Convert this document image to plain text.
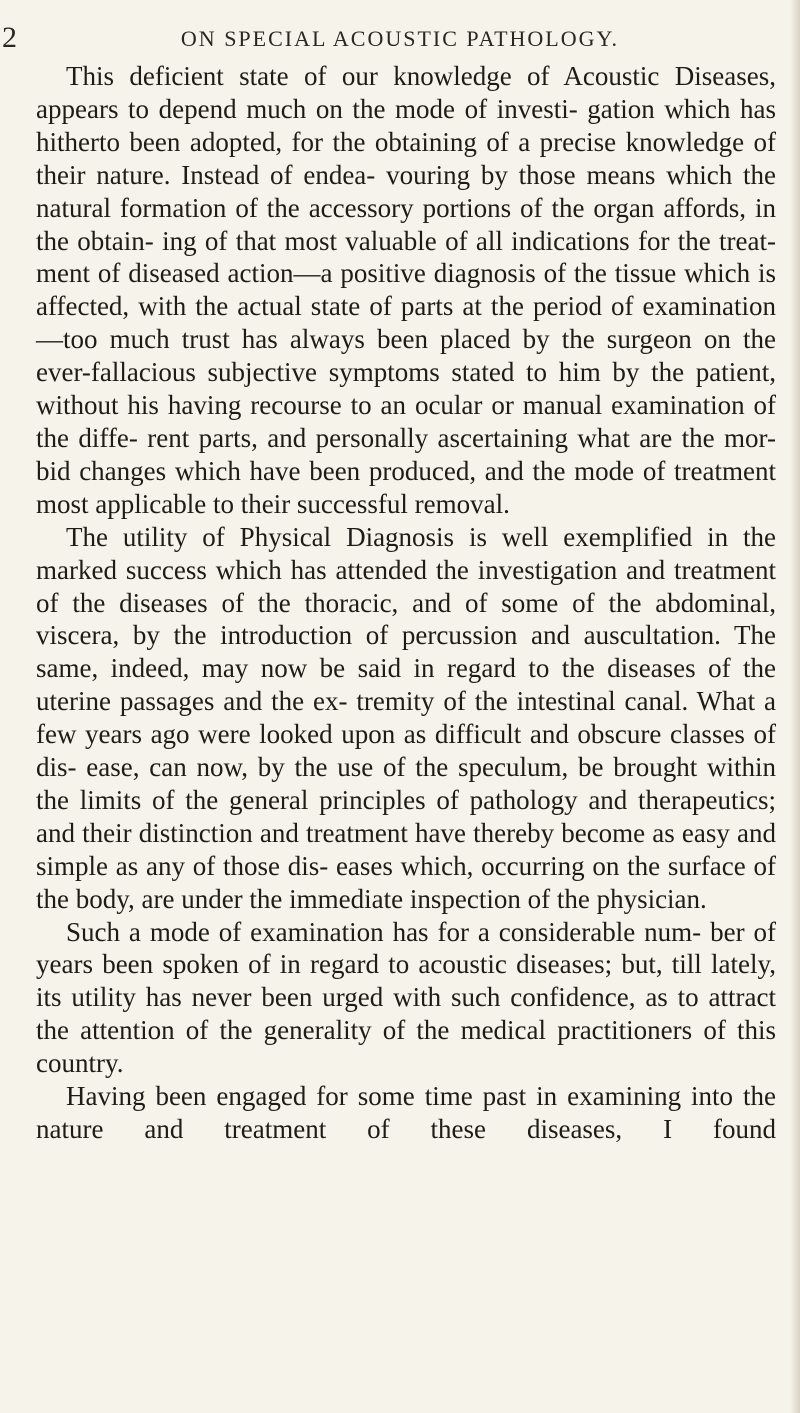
2	ON SPECIAL ACOUSTIC PATHOLOGY.

This deficient state of our knowledge of Acoustic Diseases, appears to depend much on the mode of investi- gation which has hitherto been adopted, for the obtaining of a precise knowledge of their nature. Instead of endea- vouring by those means which the natural formation of the accessory portions of the organ affords, in the obtain- ing of that most valuable of all indications for the treat- ment of diseased action—a positive diagnosis of the tissue which is affected, with the actual state of parts at the period of examination—too much trust has always been placed by the surgeon on the ever-fallacious subjective symptoms stated to him by the patient, without his having recourse to an ocular or manual examination of the diffe- rent parts, and personally ascertaining what are the mor- bid changes which have been produced, and the mode of treatment most applicable to their successful removal.

The utility of Physical Diagnosis is well exemplified in the marked success which has attended the investigation and treatment of the diseases of the thoracic, and of some of the abdominal, viscera, by the introduction of percussion and auscultation. The same, indeed, may now be said in regard to the diseases of the uterine passages and the ex- tremity of the intestinal canal. What a few years ago were looked upon as difficult and obscure classes of dis- ease, can now, by the use of the speculum, be brought within the limits of the general principles of pathology and therapeutics; and their distinction and treatment have thereby become as easy and simple as any of those dis- eases which, occurring on the surface of the body, are under the immediate inspection of the physician.

Such a mode of examination has for a considerable num- ber of years been spoken of in regard to acoustic diseases; but, till lately, its utility has never been urged with such confidence, as to attract the attention of the generality of the medical practitioners of this country.

Having been engaged for some time past in examining into the nature and treatment of these diseases, I found
